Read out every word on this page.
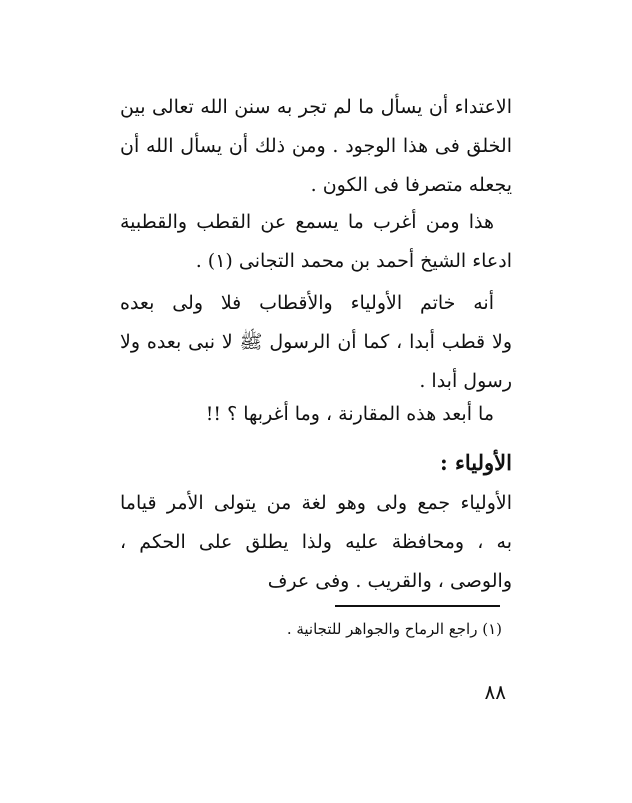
الاعتداء أن يسأل ما لم تجر به سنن الله تعالى بين
الخلق فى هذا الوجود . ومن ذلك أن يسأل الله أن
يجعله متصرفا فى الكون .
هذا ومن أغرب ما يسمع عن القطب والقطبية
ادعاء الشيخ أحمد بن محمد التجانى (١) .
أنه خاتم الأولياء والأقطاب فلا ولى بعده
ولا قطب أبدا ، كما أن الرسول ﷺ لا نبى بعده ولا
رسول أبدا .
ما أبعد هذه المقارنة ، وما أغربها ؟ !!
الأولياء :
الأولياء جمع ولى وهو لغة من يتولى الأمر قياما
به ، ومحافظة عليه ولذا يطلق على الحكم ،
والوصى ، والقريب . وفى عرف
(١) راجع الرماح والجواهر للتجانية .
٨٨
